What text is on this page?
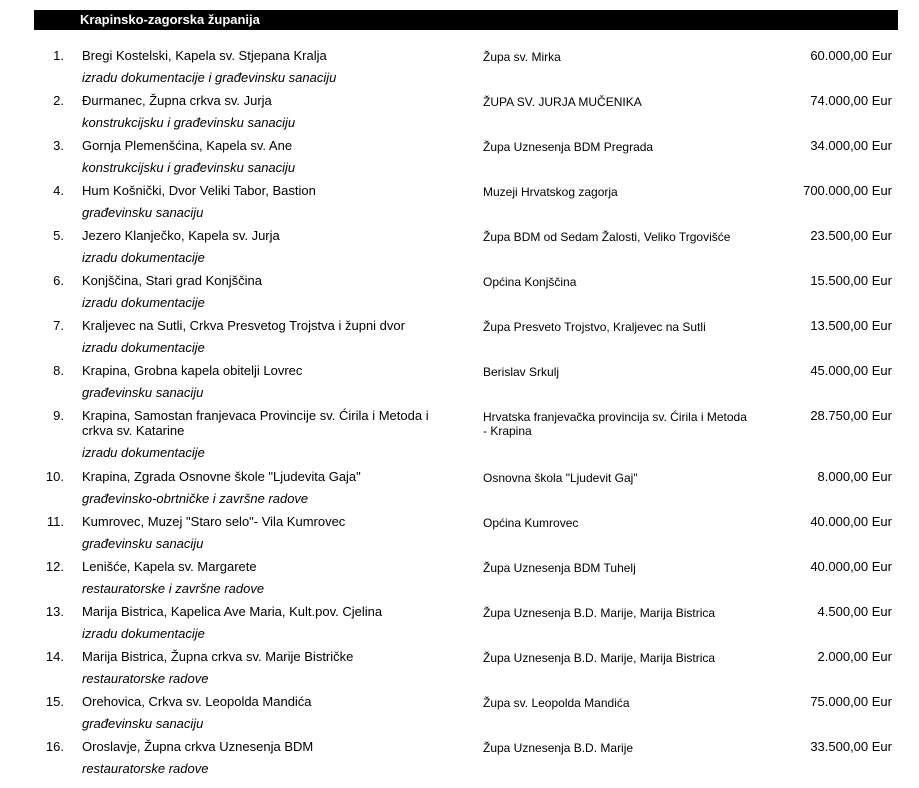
Krapinsko-zagorska županija
1. Bregi Kostelski, Kapela sv. Stjepana Kralja
izradu dokumentacije i građevinsku sanaciju
Župa sv. Mirka	60.000,00 Eur
2. Đurmanec, Župna crkva sv. Jurja
konstrukcijsku i građevinsku sanaciju
ŽUPA SV. JURJA MUČENIKA	74.000,00 Eur
3. Gornja Plemenšćina, Kapela sv. Ane
konstrukcijsku i građevinsku sanaciju
Župa Uznesenja BDM Pregrada	34.000,00 Eur
4. Hum Košnički, Dvor Veliki Tabor, Bastion
građevinsku sanaciju
Muzeji Hrvatskog zagorja	700.000,00 Eur
5. Jezero Klanječko, Kapela sv. Jurja
izradu dokumentacije
Župa BDM od Sedam Žalosti, Veliko Trgovišće	23.500,00 Eur
6. Konjščina, Stari grad Konjščina
izradu dokumentacije
Općina Konjščina	15.500,00 Eur
7. Kraljevec na Sutli, Crkva Presvetog Trojstva i župni dvor
izradu dokumentacije
Župa Presveto Trojstvo, Kraljevec na Sutli	13.500,00 Eur
8. Krapina, Grobna kapela obitelji Lovrec
građevinsku sanaciju
Berislav Srkulj	45.000,00 Eur
9. Krapina, Samostan franjevaca Provincije sv. Ćirila i Metoda i crkva sv. Katarine
izradu dokumentacije
Hrvatska franjevačka provincija sv. Ćirila i Metoda - Krapina
28.750,00 Eur
10. Krapina, Zgrada Osnovne škole "Ljudevita Gaja"
građevinsko-obrtničke i završne radove
Osnovna škola "Ljudevit Gaj"	8.000,00 Eur
11. Kumrovec, Muzej "Staro selo"- Vila Kumrovec
građevinsku sanaciju
Općina Kumrovec	40.000,00 Eur
12. Lenišće, Kapela sv. Margarete
restauratorske i završne radove
Župa Uznesenja BDM Tuhelj	40.000,00 Eur
13. Marija Bistrica, Kapelica Ave Maria, Kult.pov. Cjelina
izradu dokumentacije
Župa Uznesenja B.D. Marije, Marija Bistrica	4.500,00 Eur
14. Marija Bistrica, Župna crkva sv. Marije Bistričke
restauratorske radove
Župa Uznesenja B.D. Marije, Marija Bistrica	2.000,00 Eur
15. Orehovica, Crkva sv. Leopolda Mandića
građevinsku sanaciju
Župa sv. Leopolda Mandića	75.000,00 Eur
16. Oroslavje, Župna crkva Uznesenja BDM
restauratorske radove
Župa Uznesenja B.D. Marije	33.500,00 Eur
